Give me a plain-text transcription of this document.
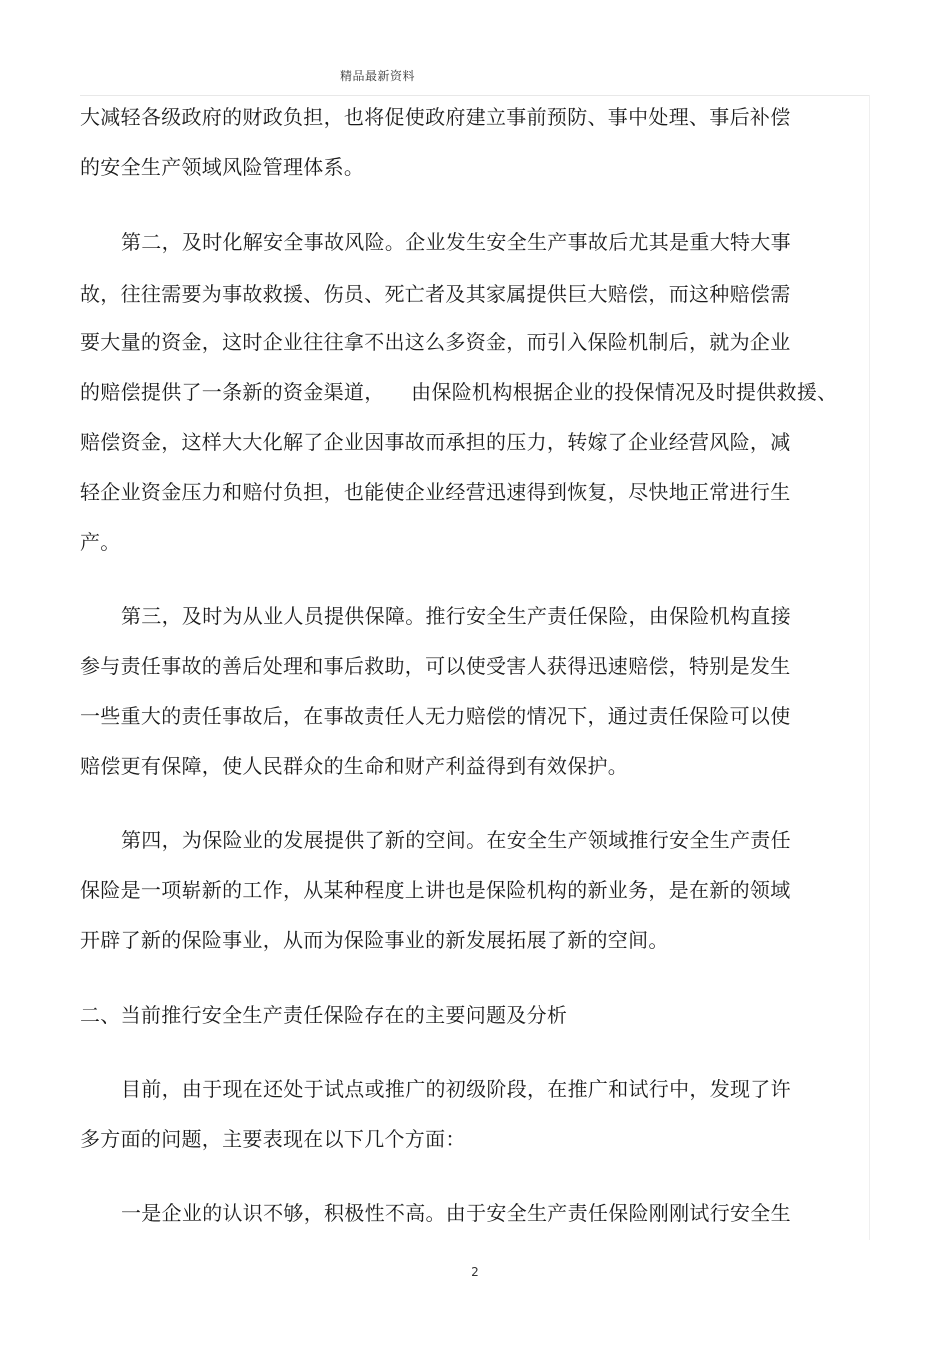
精品最新资料
大减轻各级政府的财政负担，也将促使政府建立事前预防、事中处理、事后补偿
的安全生产领域风险管理体系。
第二，及时化解安全事故风险。企业发生安全生产事故后尤其是重大特大事
故，往往需要为事故救援、伤员、死亡者及其家属提供巨大赔偿，而这种赔偿需
要大量的资金，这时企业往往拿不出这么多资金，而引入保险机制后，就为企业
的赔偿提供了一条新的资金渠道，    由保险机构根据企业的投保情况及时提供救援、
赔偿资金，这样大大化解了企业因事故而承担的压力，转嫁了企业经营风险，减
轻企业资金压力和赔付负担，也能使企业经营迅速得到恢复，尽快地正常进行生
产。
第三，及时为从业人员提供保障。推行安全生产责任保险，由保险机构直接
参与责任事故的善后处理和事后救助，可以使受害人获得迅速赔偿，特别是发生
一些重大的责任事故后，在事故责任人无力赔偿的情况下，通过责任保险可以使
赔偿更有保障，使人民群众的生命和财产利益得到有效保护。
第四，为保险业的发展提供了新的空间。在安全生产领域推行安全生产责任
保险是一项崭新的工作，从某种程度上讲也是保险机构的新业务，是在新的领域
开辟了新的保险事业，从而为保险事业的新发展拓展了新的空间。
二、当前推行安全生产责任保险存在的主要问题及分析
目前，由于现在还处于试点或推广的初级阶段，在推广和试行中，发现了许
多方面的问题，主要表现在以下几个方面：
一是企业的认识不够，积极性不高。由于安全生产责任保险刚刚试行安全生
2
